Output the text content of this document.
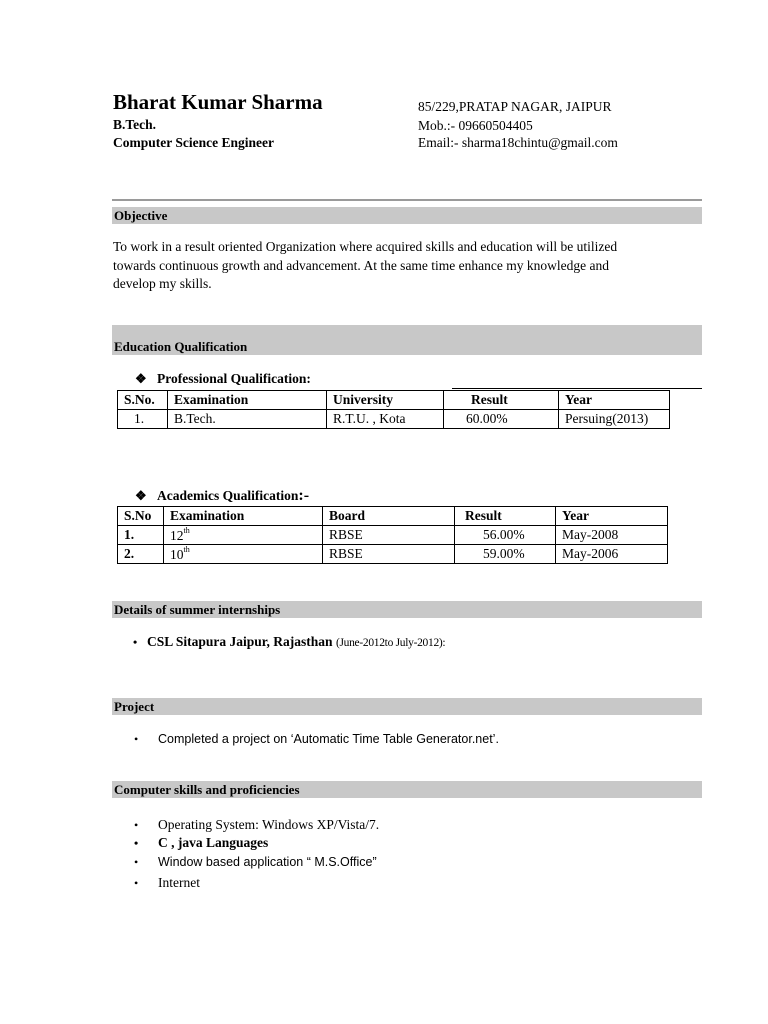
Bharat Kumar Sharma
B.Tech.
Computer Science Engineer
85/229,PRATAP NAGAR, JAIPUR
Mob.:- 09660504405
Email:- sharma18chintu@gmail.com
Objective
To work in a result oriented Organization where acquired skills and education will be utilized
towards continuous growth and advancement. At the same time enhance my knowledge and
develop my skills.
Education Qualification
❖ Professional Qualification:
S.No.	Examination	University	Result	Year
1.	B.Tech.	R.T.U. , Kota	60.00%	Persuing(2013)
❖ Academics Qualification:-
S.No	Examination	Board	Result	Year
1.	12th	RBSE	56.00%	May-2008
2.	10th	RBSE	59.00%	May-2006
Details of summer internships
• CSL Sitapura Jaipur, Rajasthan (June-2012to July-2012):
Project
• Completed a project on ‘Automatic Time Table Generator.net’.
Computer skills and proficiencies
• Operating System: Windows XP/Vista/7.
• C , java Languages
• Window based application “ M.S.Office”
• Internet
